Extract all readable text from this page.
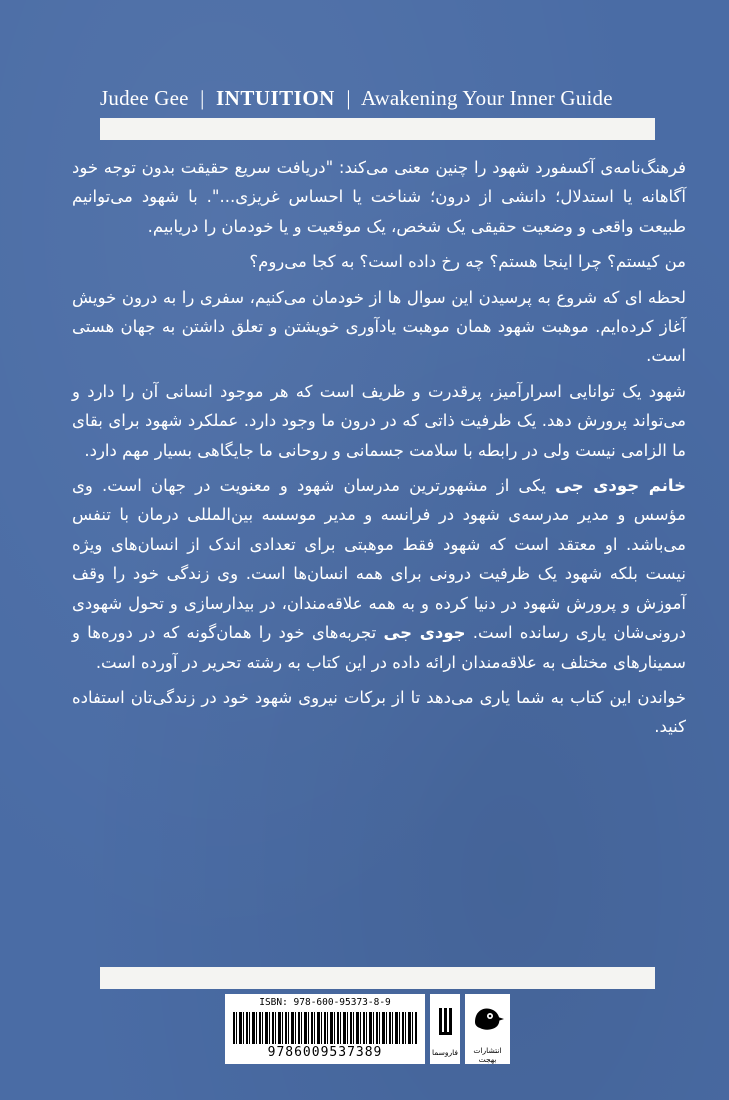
Judee Gee | INTUITION | Awakening Your Inner Guide

فرهنگ‌نامه‌ی آکسفورد شهود را چنین معنی می‌کند: "دریافت سریع حقیقت بدون توجه خود آگاهانه یا استدلال؛ دانشی از درون؛ شناخت یا احساس غریزی...". با شهود می‌توانیم طبیعت واقعی و وضعیت حقیقی یک شخص، یک موقعیت و یا خودمان را دریابیم.

من کیستم؟ چرا اینجا هستم؟ چه رخ داده است؟ به کجا می‌روم؟

لحظه ای که شروع به پرسیدن این سوال ها از خودمان می‌کنیم، سفری را به درون خویش آغاز کرده‌ایم. موهبت شهود همان موهبت یادآوری خویشتن و تعلق داشتن به جهان هستی است.

شهود یک توانایی اسرارآمیز، پرقدرت و ظریف است که هر موجود انسانی آن را دارد و می‌تواند پرورش دهد. یک ظرفیت ذاتی که در درون ما وجود دارد. عملکرد شهود برای بقای ما الزامی نیست ولی در رابطه با سلامت جسمانی و روحانی ما جایگاهی بسیار مهم دارد.

خانم جودی جی یکی از مشهورترین مدرسان شهود و معنویت در جهان است. وی مؤسس و مدیر مدرسه‌ی شهود در فرانسه و مدیر موسسه بین‌المللی درمان با تنفس می‌باشد. او معتقد است که شهود فقط موهبتی برای تعدادی اندک از انسان‌های ویژه نیست بلکه شهود یک ظرفیت درونی برای همه انسان‌ها است. وی زندگی خود را وقف آموزش و پرورش شهود در دنیا کرده و به همه علاقه‌مندان، در بیدارسازی و تحول شهودی درونی‌شان یاری رسانده است. جودی جی تجربه‌های خود را همان‌گونه که در دوره‌ها و سمینارهای مختلف به علاقه‌مندان ارائه داده در این کتاب به رشته تحریر در آورده است.

خواندن این کتاب به شما یاری می‌دهد تا از برکات نیروی شهود خود در زندگی‌تان استفاده کنید.

ISBN: 978-600-95373-8-9
9786009537389	فاروسما	انتشارات بهجت
